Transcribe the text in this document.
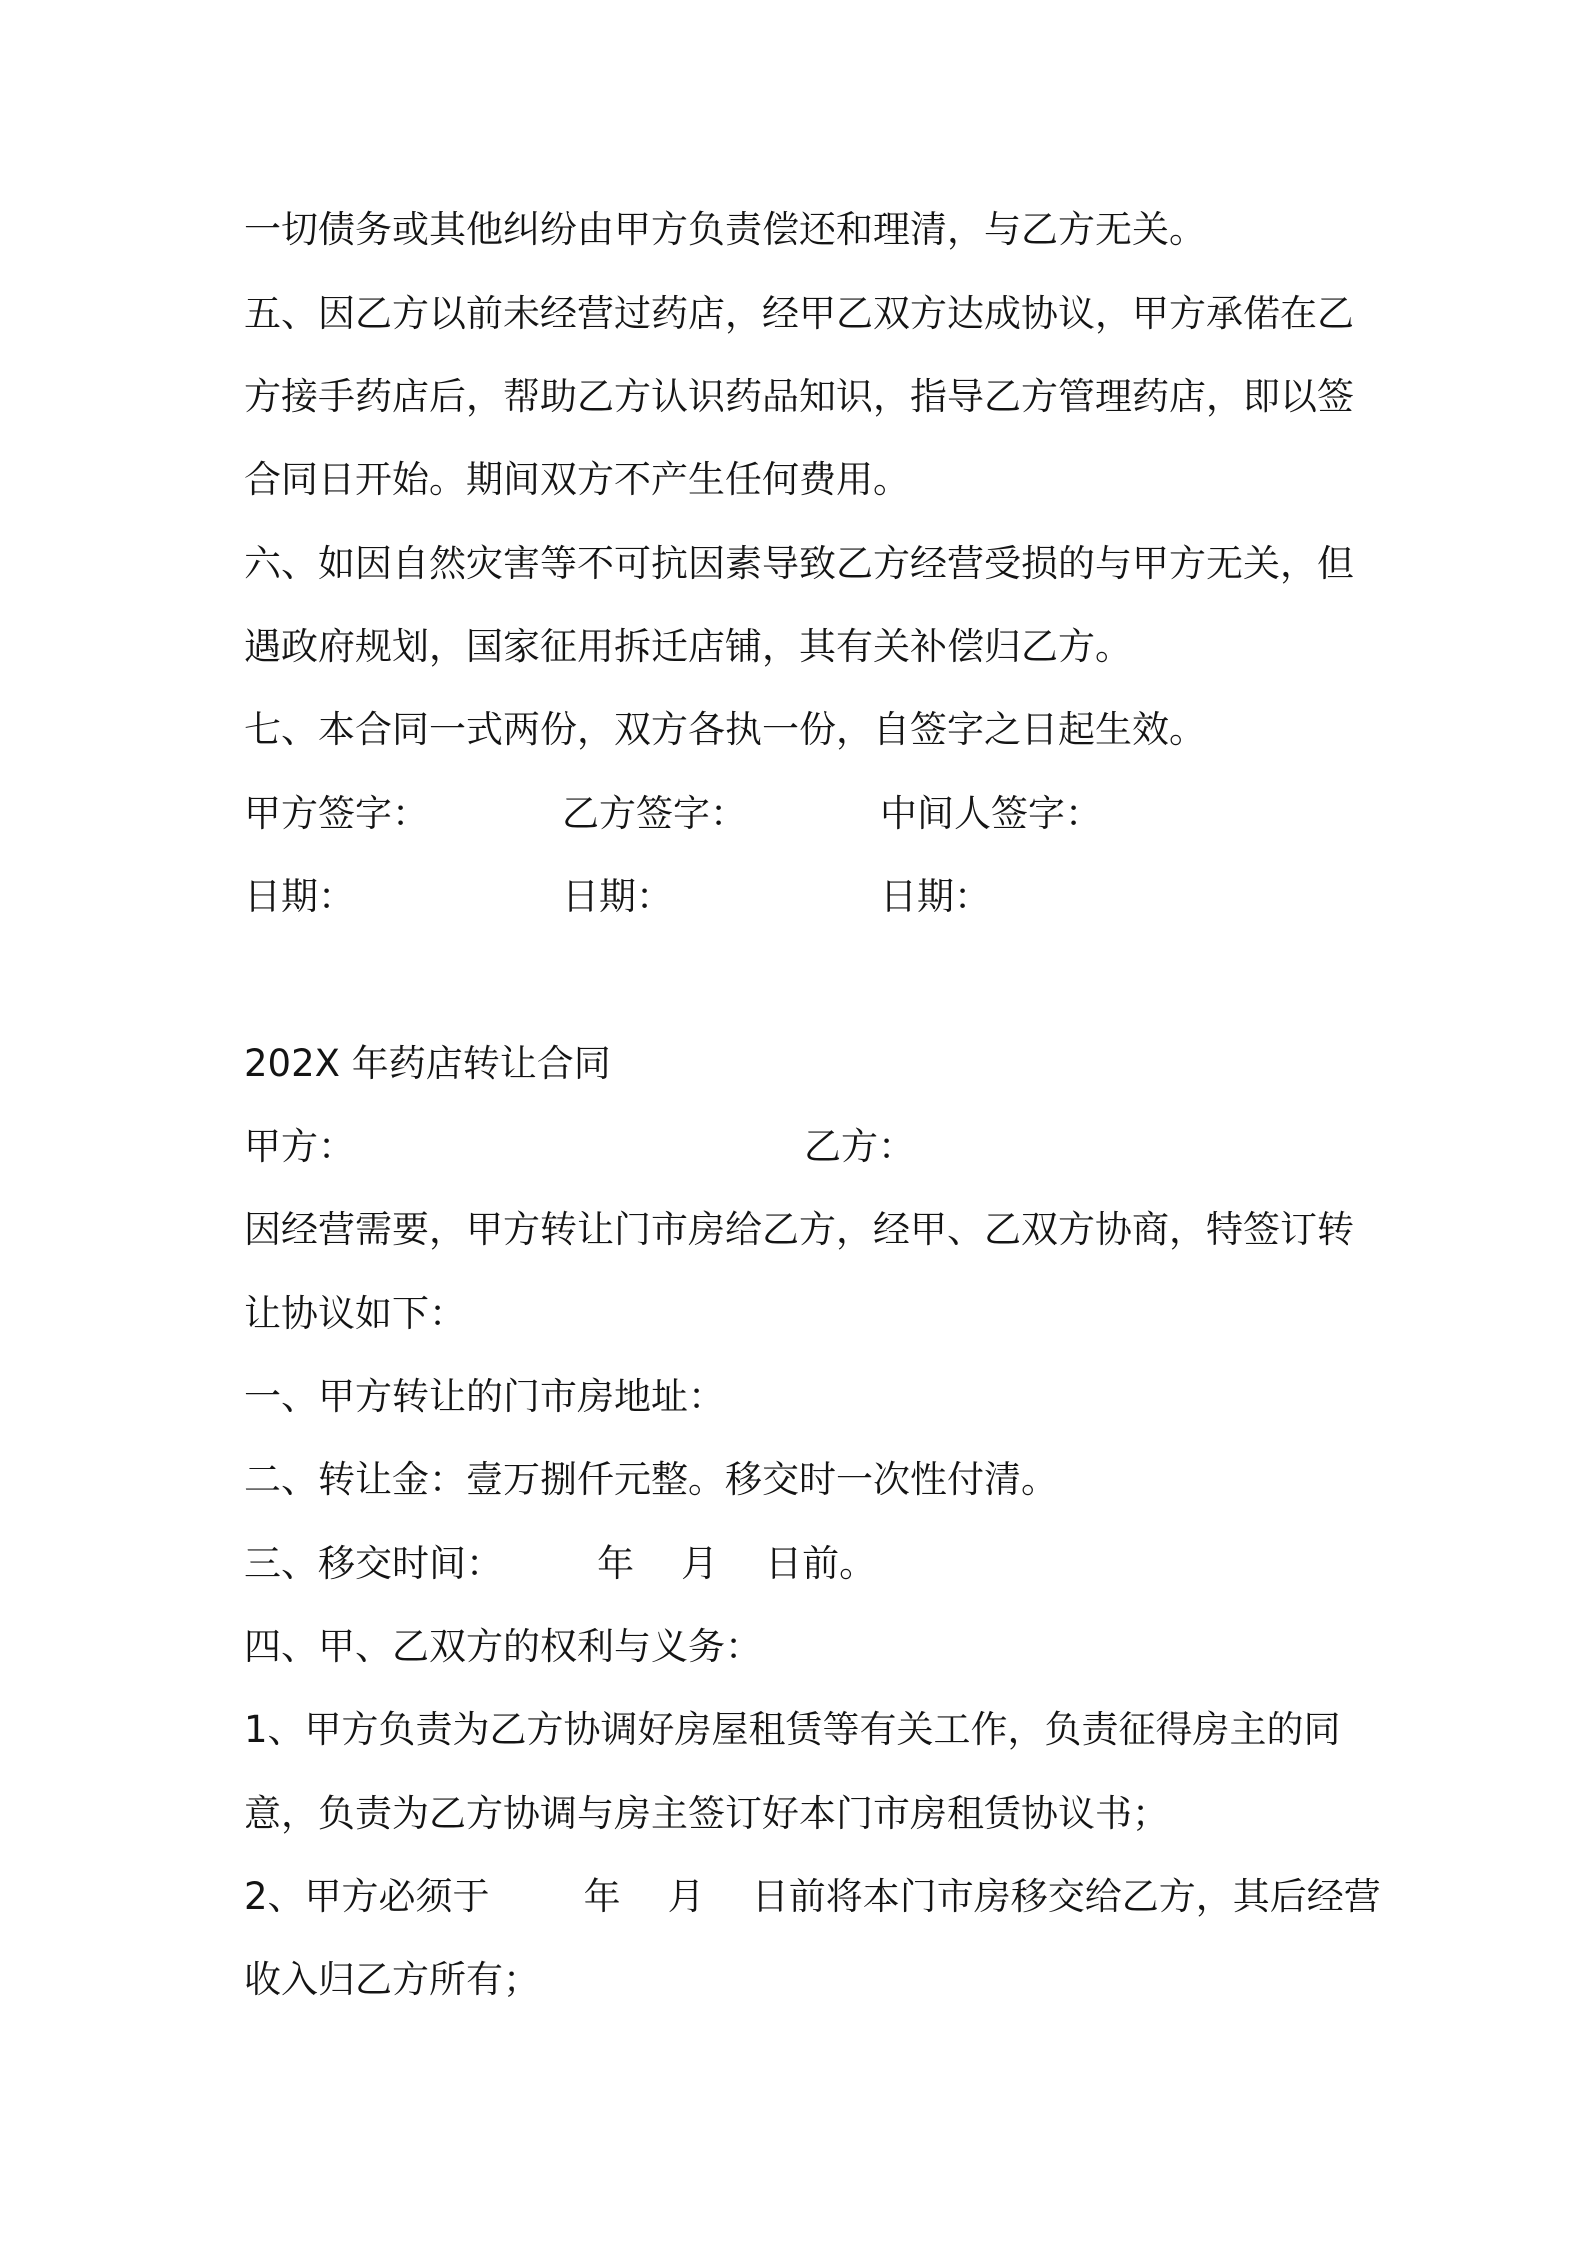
一切债务或其他纠纷由甲方负责偿还和理清，与乙方无关。
五、因乙方以前未经营过药店，经甲乙双方达成协议，甲方承偌在乙
方接手药店后，帮助乙方认识药品知识，指导乙方管理药店，即以签
合同日开始。期间双方不产生任何费用。
六、如因自然灾害等不可抗因素导致乙方经营受损的与甲方无关，但
遇政府规划，国家征用拆迁店铺，其有关补偿归乙方。
七、本合同一式两份，双方各执一份，自签字之日起生效。
甲方签字：	乙方签字：	中间人签字：
日期：	日期：	日期：
202X 年药店转让合同
甲方：	乙方：
因经营需要，甲方转让门市房给乙方，经甲、乙双方协商，特签订转
让协议如下：
一、甲方转让的门市房地址：
二、转让金：壹万捌仟元整。移交时一次性付清。
三、移交时间：        年    月    日前。
四、甲、乙双方的权利与义务：
1、甲方负责为乙方协调好房屋租赁等有关工作，负责征得房主的同
意，负责为乙方协调与房主签订好本门市房租赁协议书；
2、甲方必须于        年    月    日前将本门市房移交给乙方，其后经营
收入归乙方所有；
